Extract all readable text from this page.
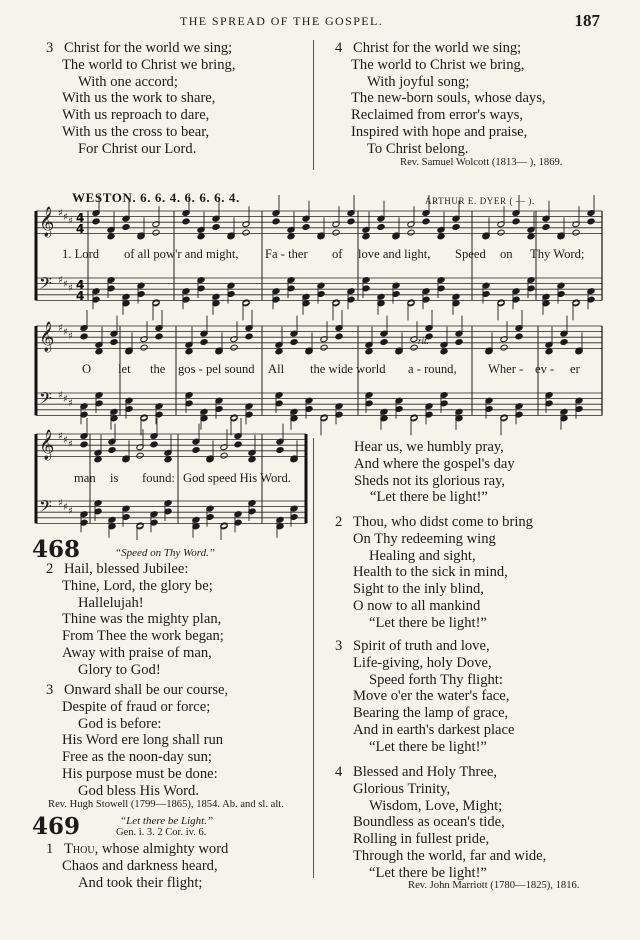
THE SPREAD OF THE GOSPEL.	187
3 Christ for the world we sing;
The world to Christ we bring,
With one accord;
With us the work to share,
With us reproach to dare,
With us the cross to bear,
For Christ our Lord.
4 Christ for the world we sing;
The world to Christ we bring,
With joyful song;
The new-born souls, whose days,
Reclaimed from error's ways,
Inspired with hope and praise,
To Christ belong.
Rev. Samuel Wolcott (1813— ), 1869.
WESTON. 6. 6. 4. 6. 6. 6. 4.	ARTHUR E. DYER ( — ).
𝄞 ♯ ♯ ♯ 4
4
𝄢 ♯ ♯ ♯ 4
4
𝄞 ♯ ♯ ♯
𝄢 ♯ ♯ ♯
𝄞 ♯ ♯ ♯
𝄢 ♯ ♯ ♯
rit.
1. Lord of all pow'r and might, Fa - ther of love and light, Speed on Thy Word;
O let the gos - pel sound All the wide world a - round, Wher - ev - er
man is found: God speed His Word.
Hear us, we humbly pray,
And where the gospel's day
Sheds not its glorious ray,
“Let there be light!”
2 Thou, who didst come to bring
On Thy redeeming wing
Healing and sight,
Health to the sick in mind,
Sight to the inly blind,
O now to all mankind
“Let there be light!”
3 Spirit of truth and love,
Life-giving, holy Dove,
Speed forth Thy flight:
Move o'er the water's face,
Bearing the lamp of grace,
And in earth's darkest place
“Let there be light!”
4 Blessed and Holy Three,
Glorious Trinity,
Wisdom, Love, Might;
Boundless as ocean's tide,
Rolling in fullest pride,
Through the world, far and wide,
“Let there be light!”
Rev. John Marriott (1780—1825), 1816.
468	“Speed on Thy Word.”
2 Hail, blessed Jubilee:
Thine, Lord, the glory be;
Hallelujah!
Thine was the mighty plan,
From Thee the work began;
Away with praise of man,
Glory to God!
3 Onward shall be our course,
Despite of fraud or force;
God is before:
His Word ere long shall run
Free as the noon-day sun;
His purpose must be done:
God bless His Word.
Rev. Hugh Stowell (1799—1865), 1854. Ab. and sl. alt.
469	“Let there be Light.”
Gen. i. 3. 2 Cor. iv. 6.
1 Thou, whose almighty word
Chaos and darkness heard,
And took their flight;
